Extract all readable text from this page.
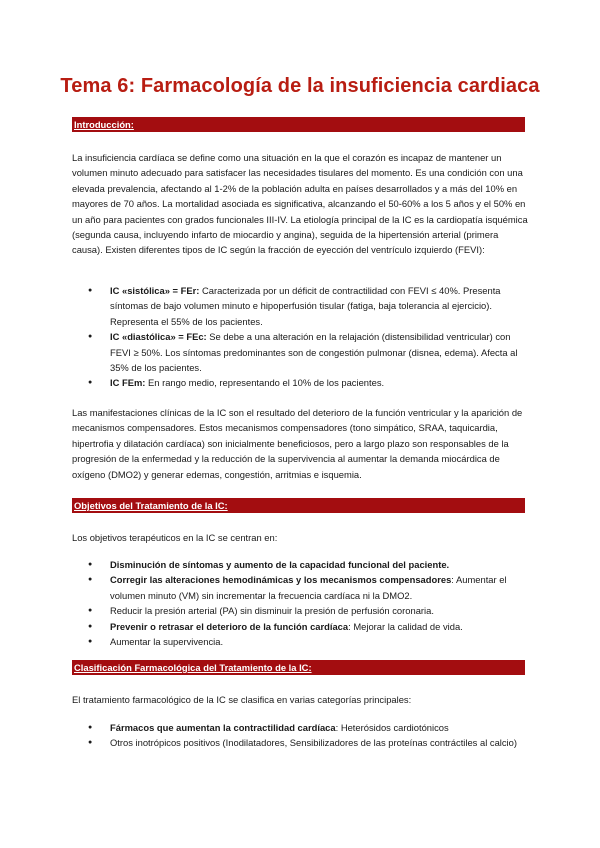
Tema 6: Farmacología de la insuficiencia cardiaca
Introducción:
La insuficiencia cardíaca se define como una situación en la que el corazón es incapaz de mantener un volumen minuto adecuado para satisfacer las necesidades tisulares del momento. Es una condición con una elevada prevalencia, afectando al 1-2% de la población adulta en países desarrollados y a más del 10% en mayores de 70 años. La mortalidad asociada es significativa, alcanzando el 50-60% a los 5 años y el 50% en un año para pacientes con grados funcionales III-IV. La etiología principal de la IC es la cardiopatía isquémica (segunda causa, incluyendo infarto de miocardio y angina), seguida de la hipertensión arterial (primera causa). Existen diferentes tipos de IC según la fracción de eyección del ventrículo izquierdo (FEVI):
● IC «sistólica» = FEr: Caracterizada por un déficit de contractilidad con FEVI ≤ 40%. Presenta síntomas de bajo volumen minuto e hipoperfusión tisular (fatiga, baja tolerancia al ejercicio). Representa el 55% de los pacientes.
● IC «diastólica» = FEc: Se debe a una alteración en la relajación (distensibilidad ventricular) con FEVI ≥ 50%. Los síntomas predominantes son de congestión pulmonar (disnea, edema). Afecta al 35% de los pacientes.
● IC FEm: En rango medio, representando el 10% de los pacientes.
Las manifestaciones clínicas de la IC son el resultado del deterioro de la función ventricular y la aparición de mecanismos compensadores. Estos mecanismos compensadores (tono simpático, SRAA, taquicardia, hipertrofia y dilatación cardíaca) son inicialmente beneficiosos, pero a largo plazo son responsables de la progresión de la enfermedad y la reducción de la supervivencia al aumentar la demanda miocárdica de oxígeno (DMO2) y generar edemas, congestión, arritmias e isquemia.
Objetivos del Tratamiento de la IC:
Los objetivos terapéuticos en la IC se centran en:
● Disminución de síntomas y aumento de la capacidad funcional del paciente.
● Corregir las alteraciones hemodinámicas y los mecanismos compensadores: Aumentar el volumen minuto (VM) sin incrementar la frecuencia cardíaca ni la DMO2.
● Reducir la presión arterial (PA) sin disminuir la presión de perfusión coronaria.
● Prevenir o retrasar el deterioro de la función cardíaca: Mejorar la calidad de vida.
● Aumentar la supervivencia.
Clasificación Farmacológica del Tratamiento de la IC:
El tratamiento farmacológico de la IC se clasifica en varias categorías principales:
● Fármacos que aumentan la contractilidad cardíaca: Heterósidos cardiotónicos
● Otros inotrópicos positivos (Inodilatadores, Sensibilizadores de las proteínas contráctiles al calcio)
